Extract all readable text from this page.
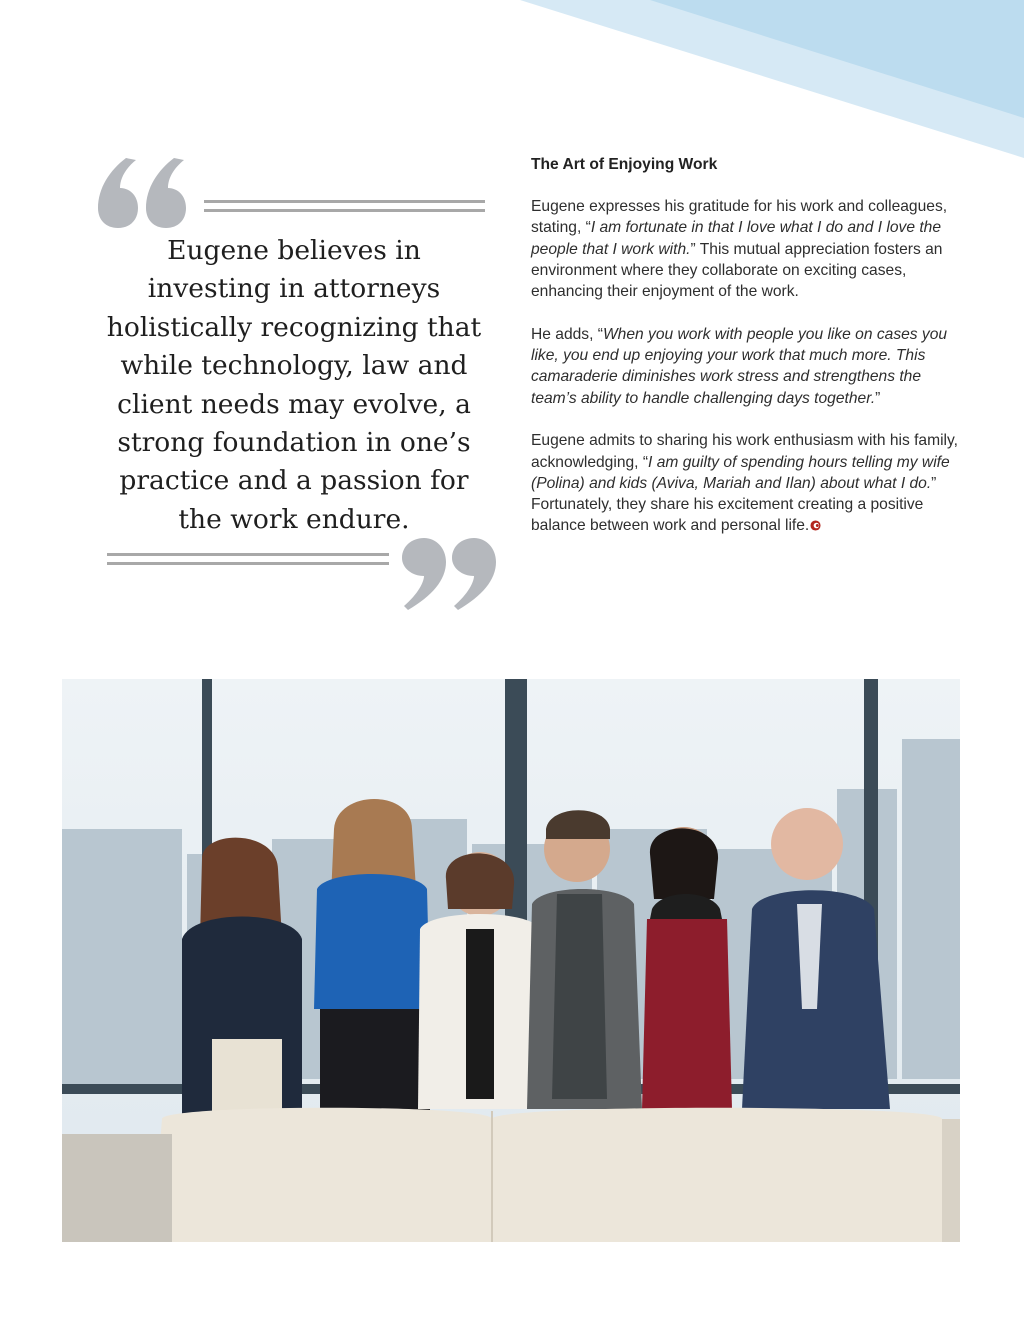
Eugene believes in investing in attorneys holistically recognizing that while technology, law and client needs may evolve, a strong foundation in one’s practice and a passion for the work endure.
The Art of Enjoying Work

Eugene expresses his gratitude for his work and colleagues, stating, “I am fortunate in that I love what I do and I love the people that I work with.” This mutual appreciation fosters an environment where they collaborate on exciting cases, enhancing their enjoyment of the work.

He adds, “When you work with people you like on cases you like, you end up enjoying your work that much more. This camaraderie diminishes work stress and strengthens the team’s ability to handle challenging days together.”

Eugene admits to sharing his work enthusiasm with his family, acknowledging, “I am guilty of spending hours telling my wife (Polina) and kids (Aviva, Mariah and Ilan) about what I do.” Fortunately, they share his excitement creating a positive balance between work and personal life.
